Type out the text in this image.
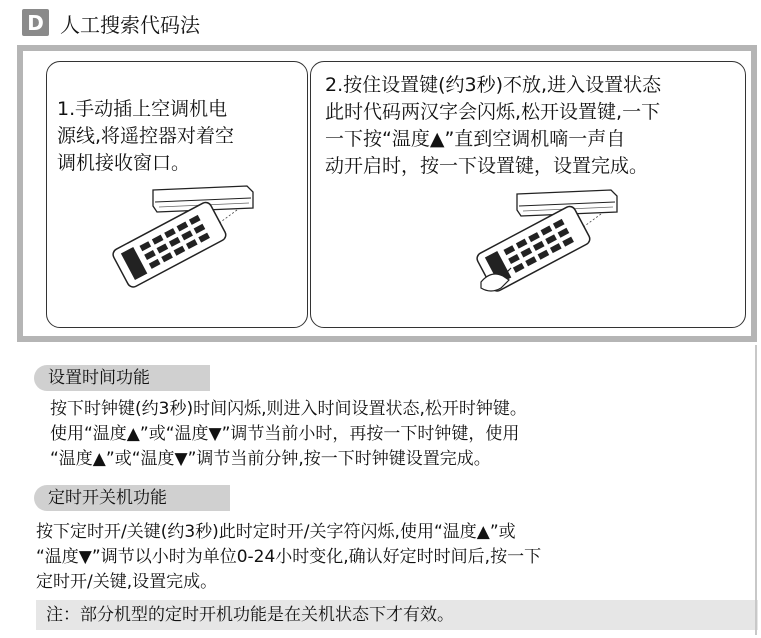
D 人工搜索代码法
1.手动插上空调机电
源线,将遥控器对着空
调机接收窗口。
2.按住设置键(约3秒)不放,进入设置状态
此时代码两汉字会闪烁,松开设置键,一下
一下按“温度▲”直到空调机嘀一声自
动开启时，按一下设置键，设置完成。
设置时间功能
按下时钟键(约3秒)时间闪烁,则进入时间设置状态,松开时钟键。
使用“温度▲”或“温度▼”调节当前小时，再按一下时钟键，使用
“温度▲”或“温度▼”调节当前分钟,按一下时钟键设置完成。
定时开关机功能
按下定时开/关键(约3秒)此时定时开/关字符闪烁,使用“温度▲”或
“温度▼”调节以小时为单位0-24小时变化,确认好定时时间后,按一下
定时开/关键,设置完成。
注：部分机型的定时开机功能是在关机状态下才有效。
